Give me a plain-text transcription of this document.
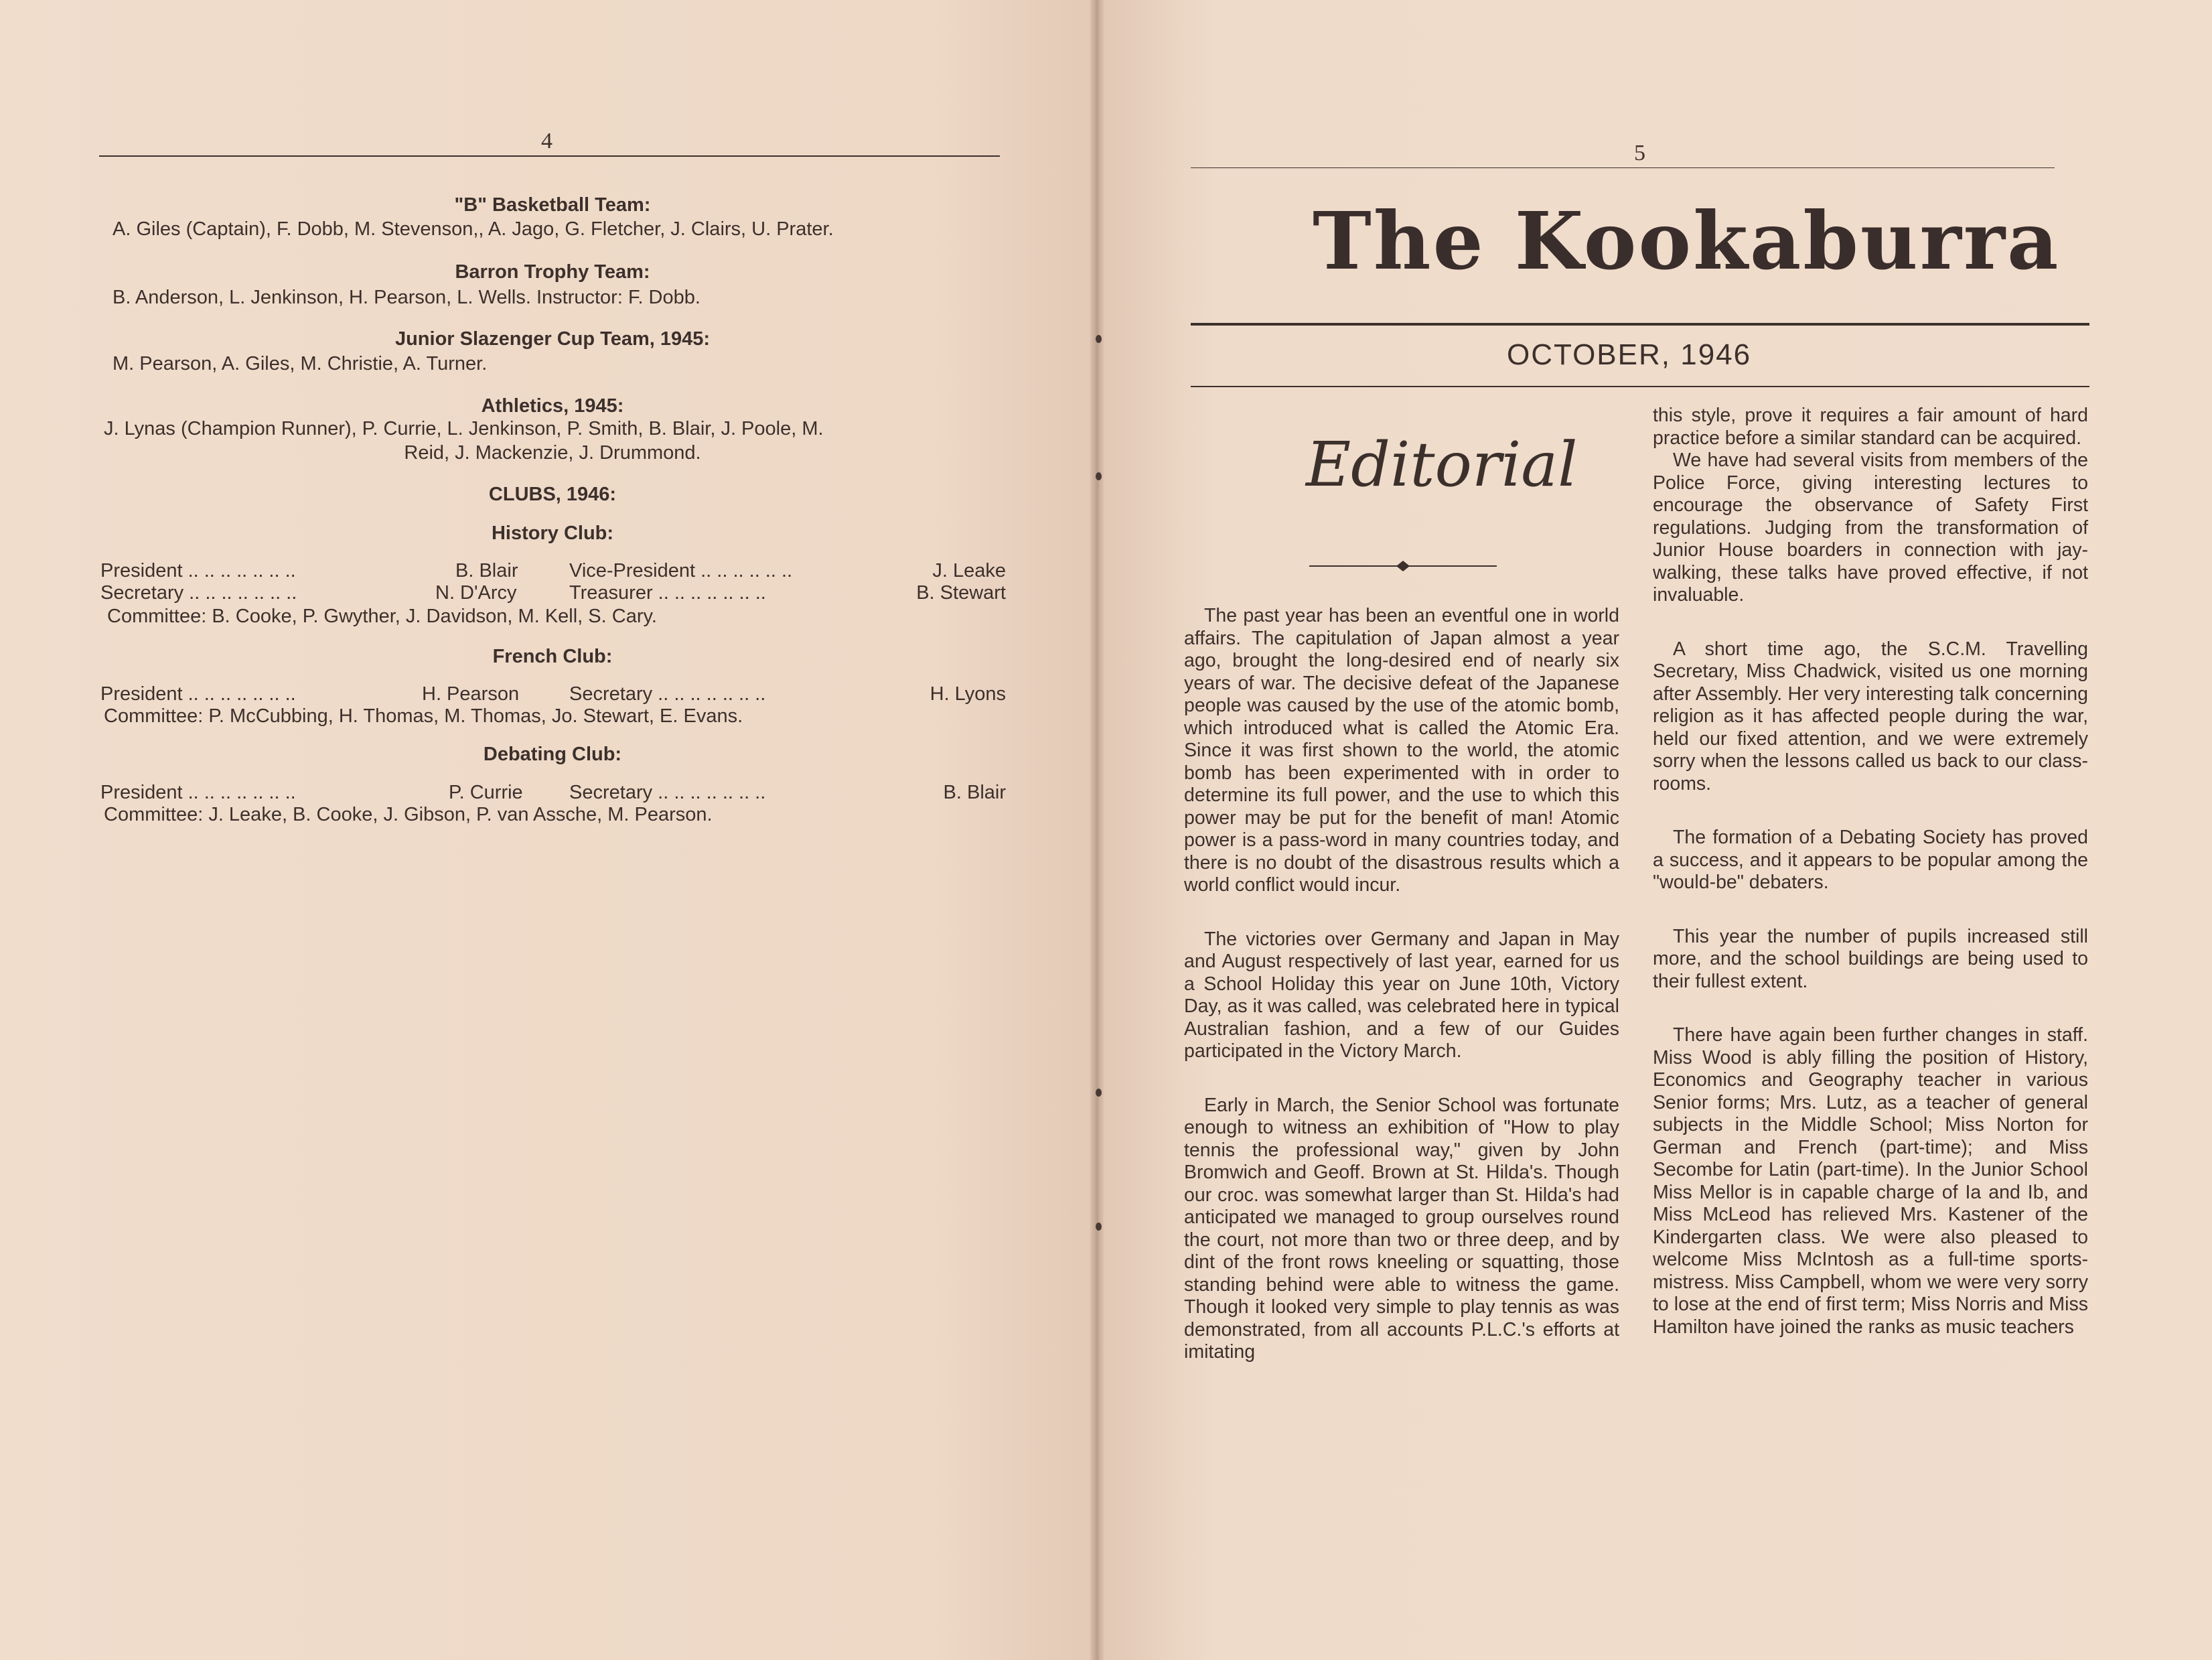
4
"B" Basketball Team:
A. Giles (Captain), F. Dobb, M. Stevenson,, A. Jago, G. Fletcher, J. Clairs, U. Prater.
Barron Trophy Team:
B. Anderson, L. Jenkinson, H. Pearson, L. Wells. Instructor: F. Dobb.
Junior Slazenger Cup Team, 1945:
M. Pearson, A. Giles, M. Christie, A. Turner.
Athletics, 1945:
J. Lynas (Champion Runner), P. Currie, L. Jenkinson, P. Smith, B. Blair, J. Poole, M.
Reid, J. Mackenzie, J. Drummond.
CLUBS, 1946:
History Club:
President .. .. .. .. .. .. ..	B. Blair	Vice-President .. .. .. .. .. ..	J. Leake
Secretary .. .. .. .. .. .. ..	N. D'Arcy	Treasurer .. .. .. .. .. .. ..	B. Stewart
Committee: B. Cooke, P. Gwyther, J. Davidson, M. Kell, S. Cary.
French Club:
President .. .. .. .. .. .. ..	H. Pearson	Secretary .. .. .. .. .. .. ..	H. Lyons
Committee: P. McCubbing, H. Thomas, M. Thomas, Jo. Stewart, E. Evans.
Debating Club:
President .. .. .. .. .. .. ..	P. Currie Secretary .. .. .. .. .. .. ..	B. Blair
Committee: J. Leake, B. Cooke, J. Gibson, P. van Assche, M. Pearson.
5
The Kookaburra
OCTOBER, 1946
Editorial

The past year has been an eventful one in world affairs. The capitulation of Japan almost a year ago, brought the long-desired end of nearly six years of war. The decisive defeat of the Japanese people was caused by the use of the atomic bomb, which introduced what is called the Atomic Era. Since it was first shown to the world, the atomic bomb has been experimented with in order to determine its full power, and the use to which this power may be put for the benefit of man! Atomic power is a pass-word in many countries today, and there is no doubt of the disastrous results which a world conflict would incur.

The victories over Germany and Japan in May and August respectively of last year, earned for us a School Holiday this year on June 10th, Victory Day, as it was called, was celebrated here in typical Australian fashion, and a few of our Guides participated in the Victory March.

Early in March, the Senior School was fortunate enough to witness an exhibition of "How to play tennis the professional way," given by John Bromwich and Geoff. Brown at St. Hilda's. Though our croc. was somewhat larger than St. Hilda's had anticipated we managed to group ourselves round the court, not more than two or three deep, and by dint of the front rows kneeling or squatting, those standing behind were able to witness the game. Though it looked very simple to play tennis as was demonstrated, from all accounts P.L.C.'s efforts at imitating

this style, prove it requires a fair amount of hard practice before a similar standard can be acquired.

We have had several visits from members of the Police Force, giving interesting lectures to encourage the observance of Safety First regulations. Judging from the transformation of Junior House boarders in connection with jay-walking, these talks have proved effective, if not invaluable.

A short time ago, the S.C.M. Travelling Secretary, Miss Chadwick, visited us one morning after Assembly. Her very interesting talk concerning religion as it has affected people during the war, held our fixed attention, and we were extremely sorry when the lessons called us back to our class-rooms.

The formation of a Debating Society has proved a success, and it appears to be popular among the "would-be" debaters.

This year the number of pupils increased still more, and the school buildings are being used to their fullest extent.

There have again been further changes in staff. Miss Wood is ably filling the position of History, Economics and Geography teacher in various Senior forms; Mrs. Lutz, as a teacher of general subjects in the Middle School; Miss Norton for German and French (part-time); and Miss Secombe for Latin (part-time). In the Junior School Miss Mellor is in capable charge of Ia and Ib, and Miss McLeod has relieved Mrs. Kastener of the Kindergarten class. We were also pleased to welcome Miss McIntosh as a full-time sports-mistress. Miss Campbell, whom we were very sorry to lose at the end of first term; Miss Norris and Miss Hamilton have joined the ranks as music teachers
